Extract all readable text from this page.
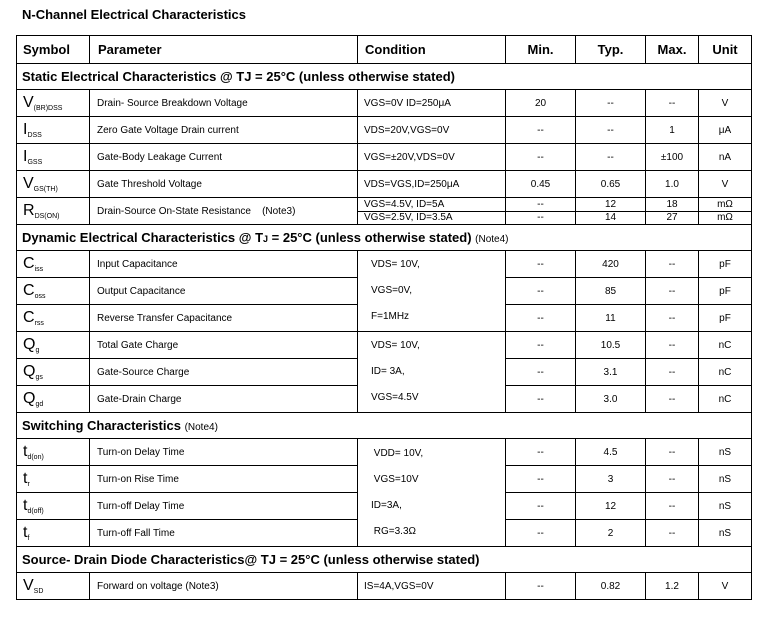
N-Channel Electrical Characteristics
Symbol	Parameter	Condition	Min.	Typ.	Max.	Unit
Static Electrical Characteristics @ TJ = 25°C (unless otherwise stated)						
$V_{(BR)DSS}$	Drain- Source Breakdown Voltage	VGS=0V ID=250μA	20	--	--	V
$I_{DSS}$	Zero Gate Voltage Drain current	VDS=20V,VGS=0V	--	--	1	μA
$I_{GSS}$	Gate-Body Leakage Current	VGS=±20V,VDS=0V	--	--	±100	nA
$V_{GS(TH)}$	Gate Threshold Voltage	VDS=VGS,ID=250μA	0.45	0.65	1.0	V
$R_{DS(ON)}$	Drain-Source On-State Resistance    (Note3)	VGS=4.5V, ID=5A	--	12	18	mΩ
		VGS=2.5V, ID=3.5A	--	14	27	mΩ
Dynamic Electrical Characteristics @ TJ = 25°C (unless otherwise stated) (Note4)						
$C_{iss}$	Input Capacitance	VDS= 10V,
VGS=0V,
F=1MHz	--	420	--	pF
$C_{oss}$	Output Capacitance		--	85	--	pF
$C_{rss}$	Reverse Transfer Capacitance		--	11	--	pF
$Q_g$	Total Gate Charge	VDS= 10V,
ID= 3A,
VGS=4.5V	--	10.5	--	nC
$Q_{gs}$	Gate-Source Charge		--	3.1	--	nC
$Q_{gd}$	Gate-Drain Charge		--	3.0	--	nC
Switching Characteristics (Note4)						
$t_{d(on)}$	Turn-on Delay Time	VDD= 10V,
VGS=10V
ID=3A,
RG=3.3Ω	--	4.5	--	nS
$t_r$	Turn-on Rise Time		--	3	--	nS
$t_{d(off)}$	Turn-off Delay Time		--	12	--	nS
$t_f$	Turn-off Fall Time		--	2	--	nS
Source- Drain Diode Characteristics@ TJ = 25°C (unless otherwise stated)						
$V_{SD}$	Forward on voltage (Note3)	IS=4A,VGS=0V	--	0.82	1.2	V
